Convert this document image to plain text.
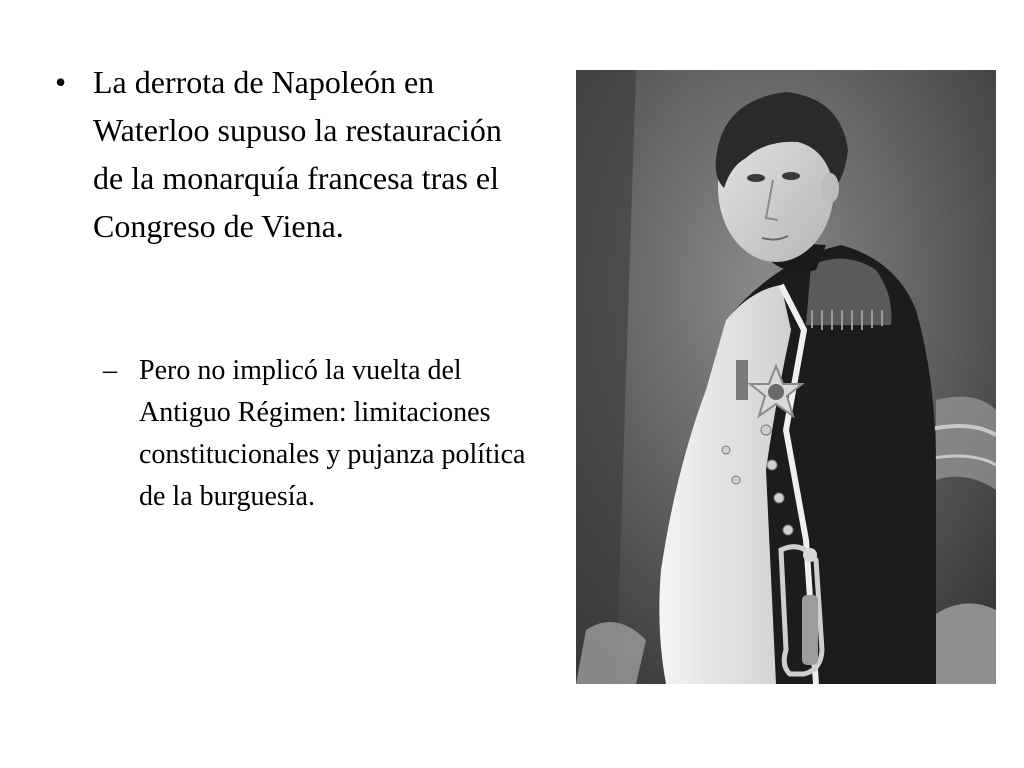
• La derrota de Napoleón en Waterloo supuso la restauración de la monarquía francesa tras el Congreso de Viena.
– Pero no implicó la vuelta del Antiguo Régimen: limitaciones constitucionales y pujanza política de la burguesía.
